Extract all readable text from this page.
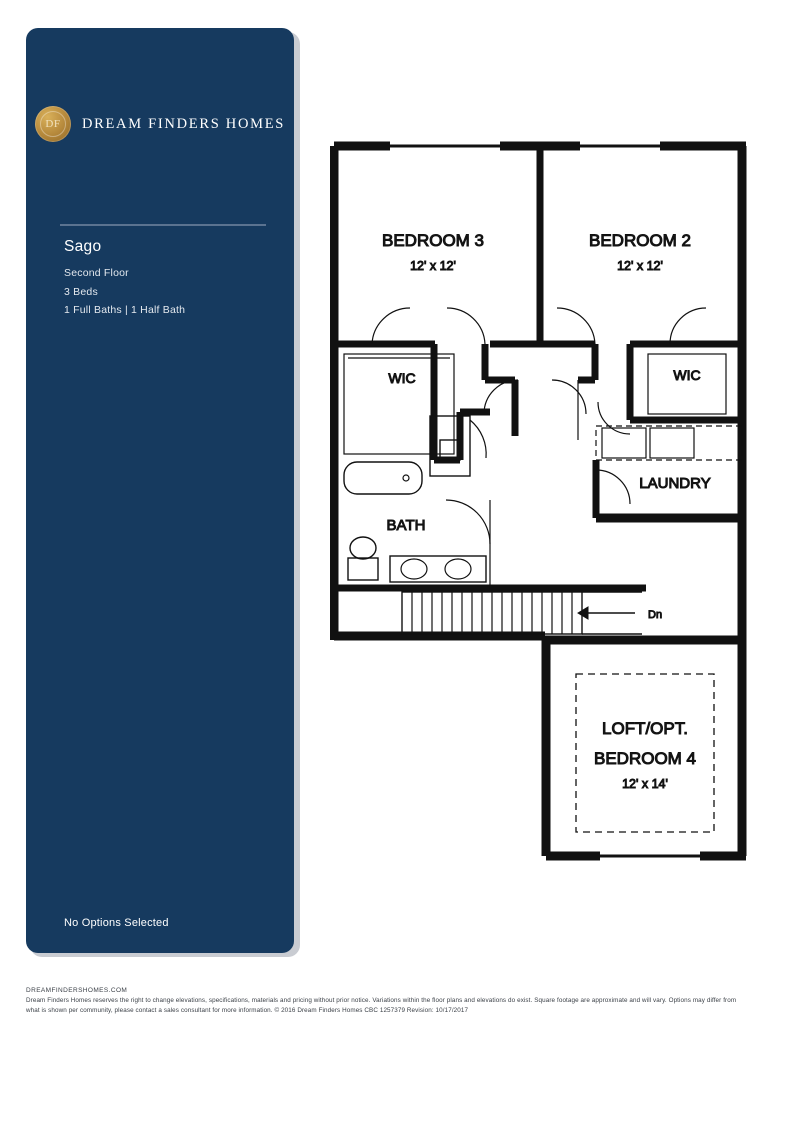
DF	DREAM FINDERS HOMES
Sago
Second Floor
3 Beds
1 Full Baths | 1 Half Bath
No Options Selected
DREAMFINDERSHOMES.COM
Dream Finders Homes reserves the right to change elevations, specifications, materials and pricing without prior notice. Variations within the floor plans and elevations do exist. Square footage are approximate and will vary. Options may differ from what is shown per community, please contact a sales consultant for more information. © 2016 Dream Finders Homes CBC 1257379 Revision: 10/17/2017
BEDROOM 3
12' x 12'
BEDROOM 2
12' x 12'
WIC	WIC
LAUNDRY
BATH
Dn
LOFT/OPT.
BEDROOM 4
12' x 14'
